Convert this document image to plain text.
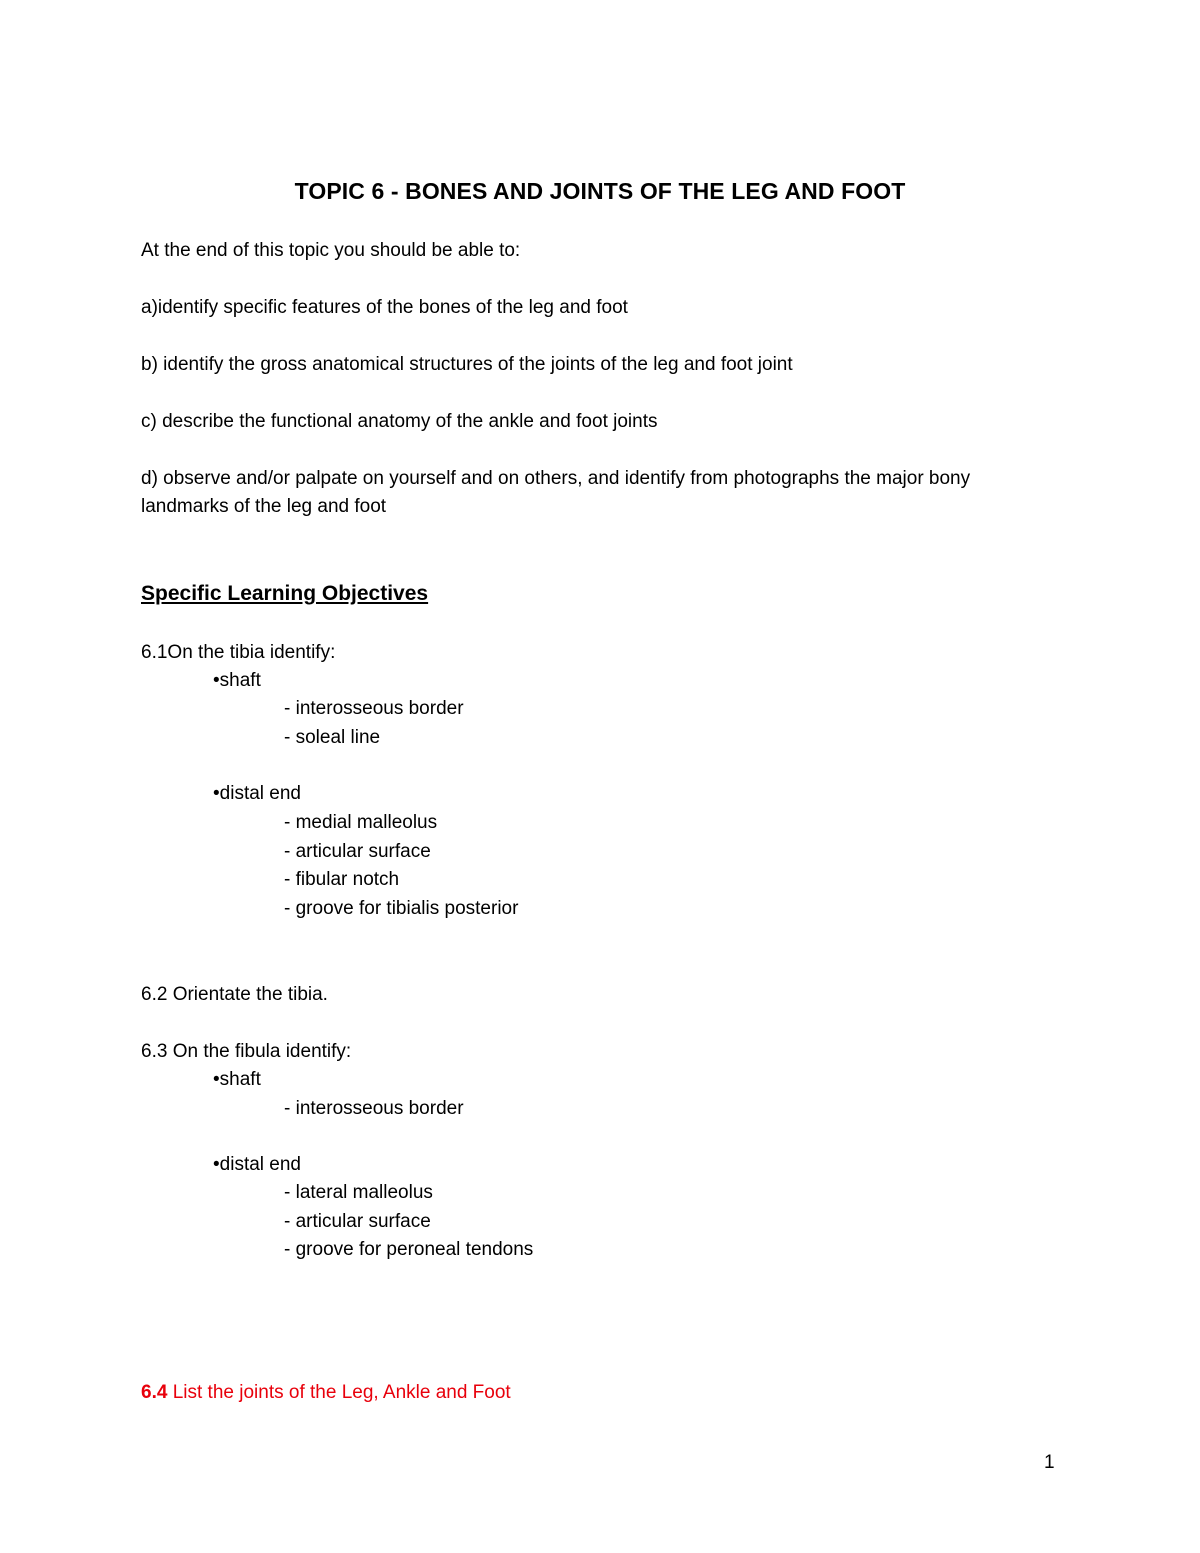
TOPIC 6 - BONES AND JOINTS OF THE LEG AND FOOT
At the end of this topic you should be able to:
a)identify specific features of the bones of the leg and foot
b) identify the gross anatomical structures of the joints of the leg and foot joint
c) describe the functional anatomy of the ankle and foot joints
d) observe and/or palpate on yourself and on others, and identify from photographs the major bony landmarks of the leg and foot
Specific Learning Objectives
6.1On the tibia identify:
•shaft
- interosseous border
- soleal line
•distal end
- medial malleolus
- articular surface
- fibular notch
- groove for tibialis posterior
6.2 Orientate the tibia.
6.3 On the fibula identify:
•shaft
- interosseous border
•distal end
- lateral malleolus
- articular surface
- groove for peroneal tendons
6.4 List the joints of the Leg, Ankle and Foot
1
